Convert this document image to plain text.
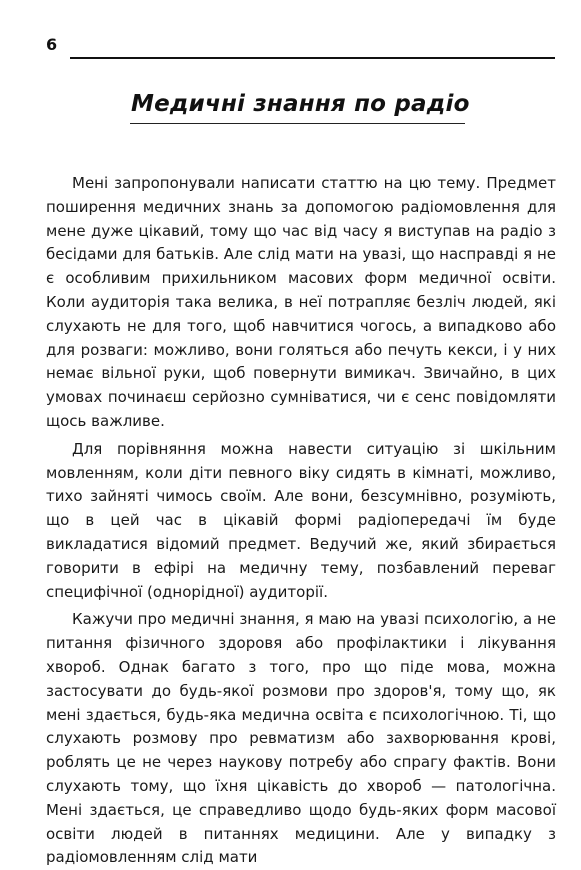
6
Медичні знання по радіо

Мені запропонували написати статтю на цю тему. Предмет поширення медичних знань за допомогою радіомовлення для мене дуже цікавий, тому що час від часу я виступав на радіо з бесідами для батьків. Але слід мати на увазі, що насправді я не є особливим прихильником масових форм медичної освіти. Коли аудиторія така велика, в неї потрапляє безліч людей, які слухають не для того, щоб навчитися чогось, а випадково або для розваги: можливо, вони голяться або печуть кекси, і у них немає вільної руки, щоб повернути вимикач. Звичайно, в цих умовах починаєш серйозно сумніватися, чи є сенс повідомляти щось важливе.

Для порівняння можна навести ситуацію зі шкільним мовленням, коли діти певного віку сидять в кімнаті, можливо, тихо зайняті чимось своїм. Але вони, безсумнівно, розуміють, що в цей час в цікавій формі радіопередачі їм буде викладатися відомий предмет. Ведучий же, який збирається говорити в ефірі на медичну тему, позбавлений переваг специфічної (однорідної) аудиторії.

Кажучи про медичні знання, я маю на увазі психологію, а не питання фізичного здоровя або профілактики і лікування хвороб. Однак багато з того, про що піде мова, можна застосувати до будь-якої розмови про здоров'я, тому що, як мені здається, будь-яка медична освіта є психологічною. Ті, що слухають розмову про ревматизм або захворювання крові, роблять це не через наукову потребу або спрагу фактів. Вони слухають тому, що їхня цікавість до хвороб — патологічна. Мені здається, це справедливо щодо будь-яких форм масової освіти людей в питаннях медицини. Але у випадку з радіомовленням слід мати
